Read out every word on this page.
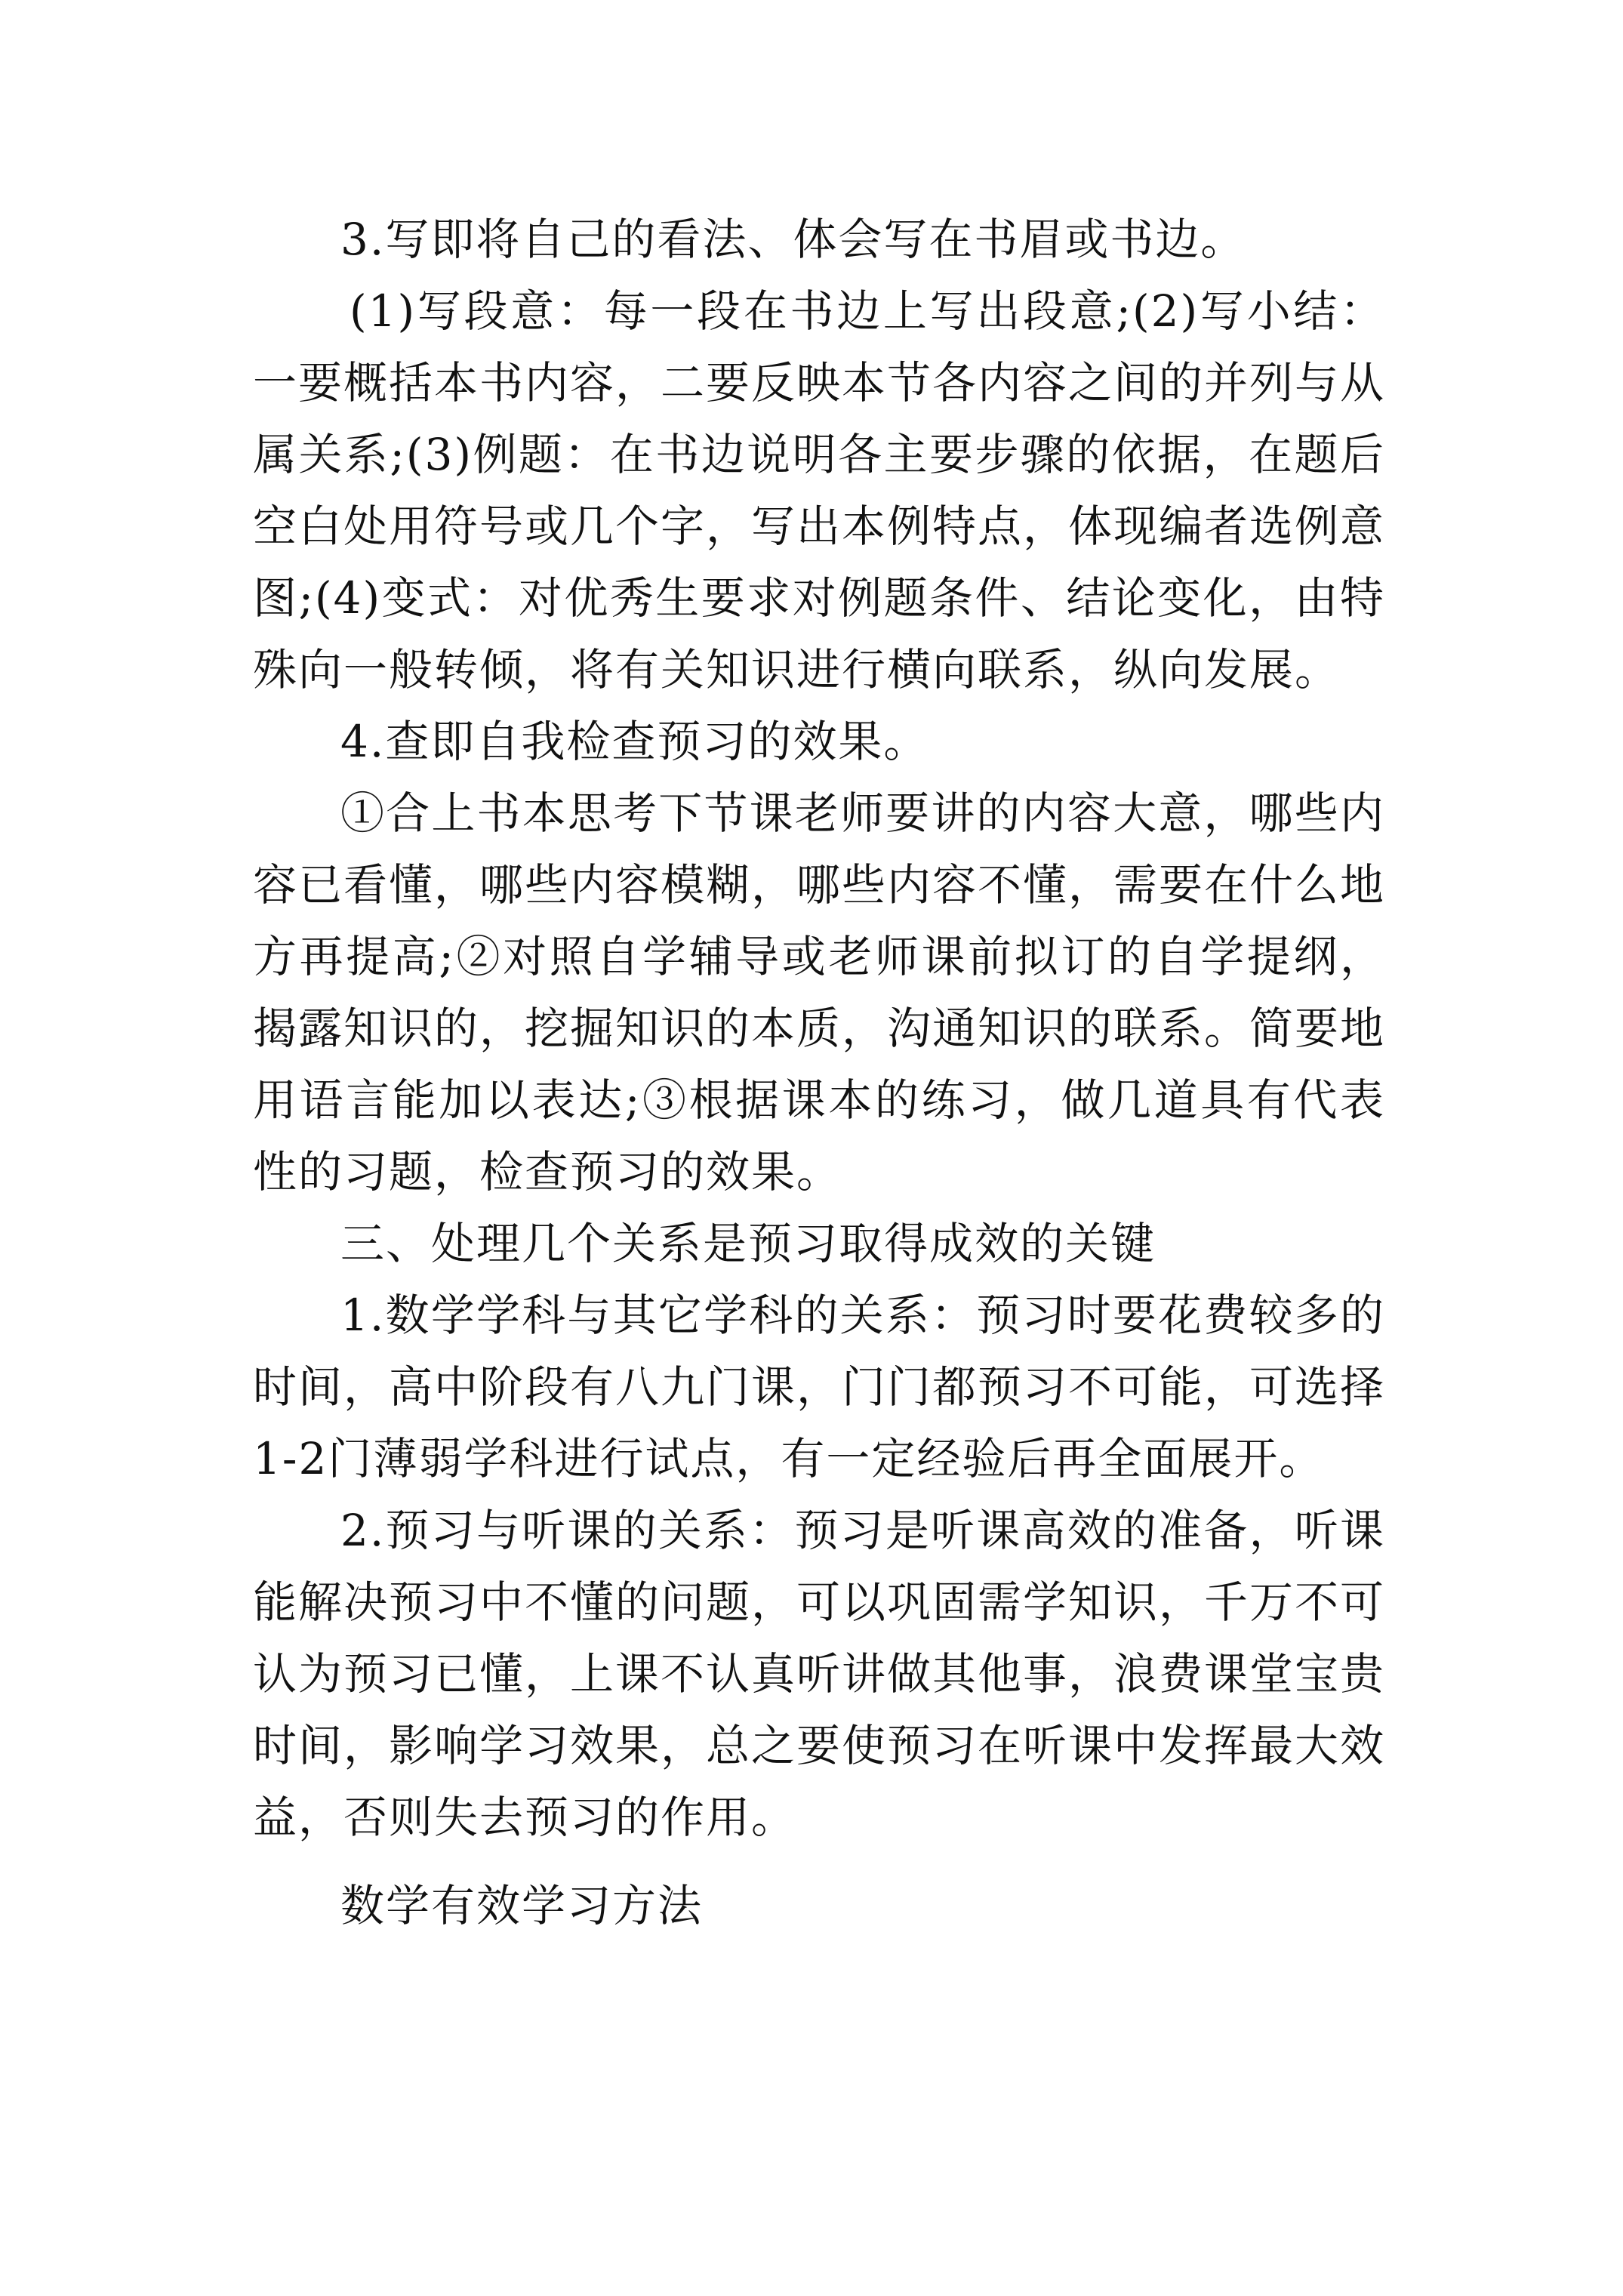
3.写即将自己的看法、体会写在书眉或书边。

(1)写段意：每一段在书边上写出段意;(2)写小结：一要概括本书内容，二要反映本节各内容之间的并列与从属关系;(3)例题：在书边说明各主要步骤的依据，在题后空白处用符号或几个字，写出本例特点，体现编者选例意图;(4)变式：对优秀生要求对例题条件、结论变化，由特殊向一般转倾，将有关知识进行横向联系，纵向发展。

4.查即自我检查预习的效果。

①合上书本思考下节课老师要讲的内容大意，哪些内容已看懂，哪些内容模糊，哪些内容不懂，需要在什么地方再提高;②对照自学辅导或老师课前拟订的自学提纲，揭露知识的，挖掘知识的本质，沟通知识的联系。简要地用语言能加以表达;③根据课本的练习，做几道具有代表性的习题，检查预习的效果。

三、处理几个关系是预习取得成效的关键

1.数学学科与其它学科的关系：预习时要花费较多的时间，高中阶段有八九门课，门门都预习不可能，可选择1-2门薄弱学科进行试点，有一定经验后再全面展开。

2.预习与听课的关系：预习是听课高效的准备，听课能解决预习中不懂的问题，可以巩固需学知识，千万不可认为预习已懂，上课不认真听讲做其他事，浪费课堂宝贵时间，影响学习效果，总之要使预习在听课中发挥最大效益，否则失去预习的作用。

数学有效学习方法
